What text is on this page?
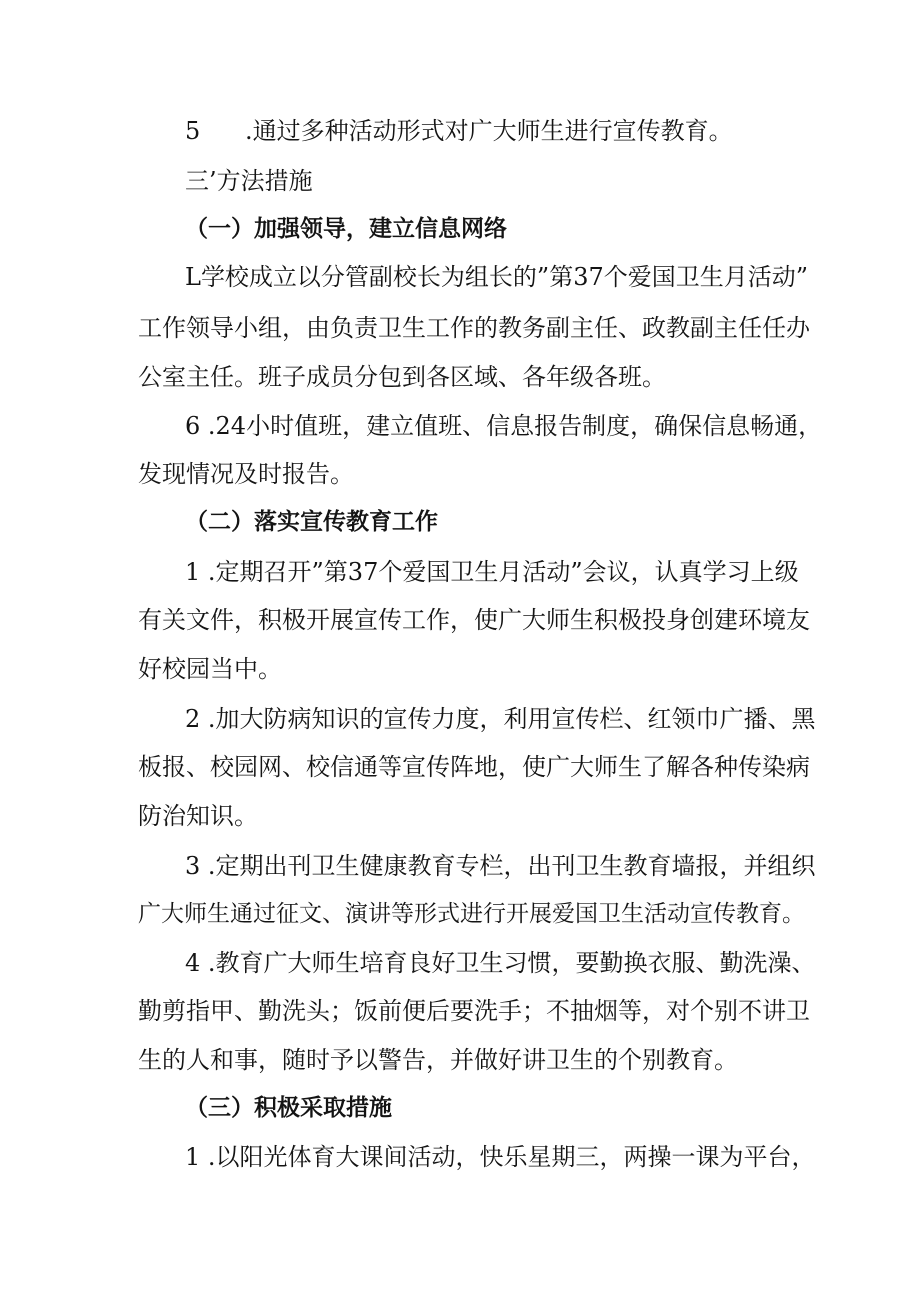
5 .通过多种活动形式对广大师生进行宣传教育。
三’方法措施
（一）加强领导，建立信息网络
L学校成立以分管副校长为组长的”第37个爱国卫生月活动”
工作领导小组，由负责卫生工作的教务副主任、政教副主任任办
公室主任。班子成员分包到各区域、各年级各班。
6 .24小时值班，建立值班、信息报告制度，确保信息畅通，
发现情况及时报告。
（二）落实宣传教育工作
1 .定期召开”第37个爱国卫生月活动”会议，认真学习上级
有关文件，积极开展宣传工作，使广大师生积极投身创建环境友
好校园当中。
2 .加大防病知识的宣传力度，利用宣传栏、红领巾广播、黑
板报、校园网、校信通等宣传阵地，使广大师生了解各种传染病
防治知识。
3 .定期出刊卫生健康教育专栏，出刊卫生教育墙报，并组织
广大师生通过征文、演讲等形式进行开展爱国卫生活动宣传教育。
4 .教育广大师生培育良好卫生习惯，要勤换衣服、勤洗澡、
勤剪指甲、勤洗头；饭前便后要洗手；不抽烟等，对个别不讲卫
生的人和事，随时予以警告，并做好讲卫生的个别教育。
（三）积极采取措施
1 .以阳光体育大课间活动，快乐星期三，两操一课为平台，
